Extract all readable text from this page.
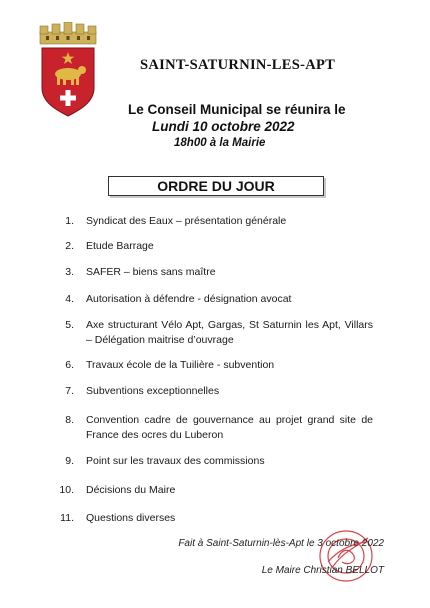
SAINT-SATURNIN-LES-APT
Le Conseil Municipal se réunira le
Lundi 10 octobre 2022
18h00 à la Mairie
ORDRE DU JOUR
1. Syndicat des Eaux – présentation générale
2. Etude Barrage
3. SAFER – biens sans maître
4. Autorisation à défendre - désignation avocat
5. Axe structurant Vélo Apt, Gargas, St Saturnin les Apt, Villars – Délégation maitrise d’ouvrage
6. Travaux école de la Tuilière - subvention
7. Subventions exceptionnelles
8. Convention cadre de gouvernance au projet grand site de France des ocres du Luberon
9. Point sur les travaux des commissions
10. Décisions du Maire
11. Questions diverses
Fait à Saint-Saturnin-lès-Apt le 3 octobre 2022
Le Maire Christian BELLOT
